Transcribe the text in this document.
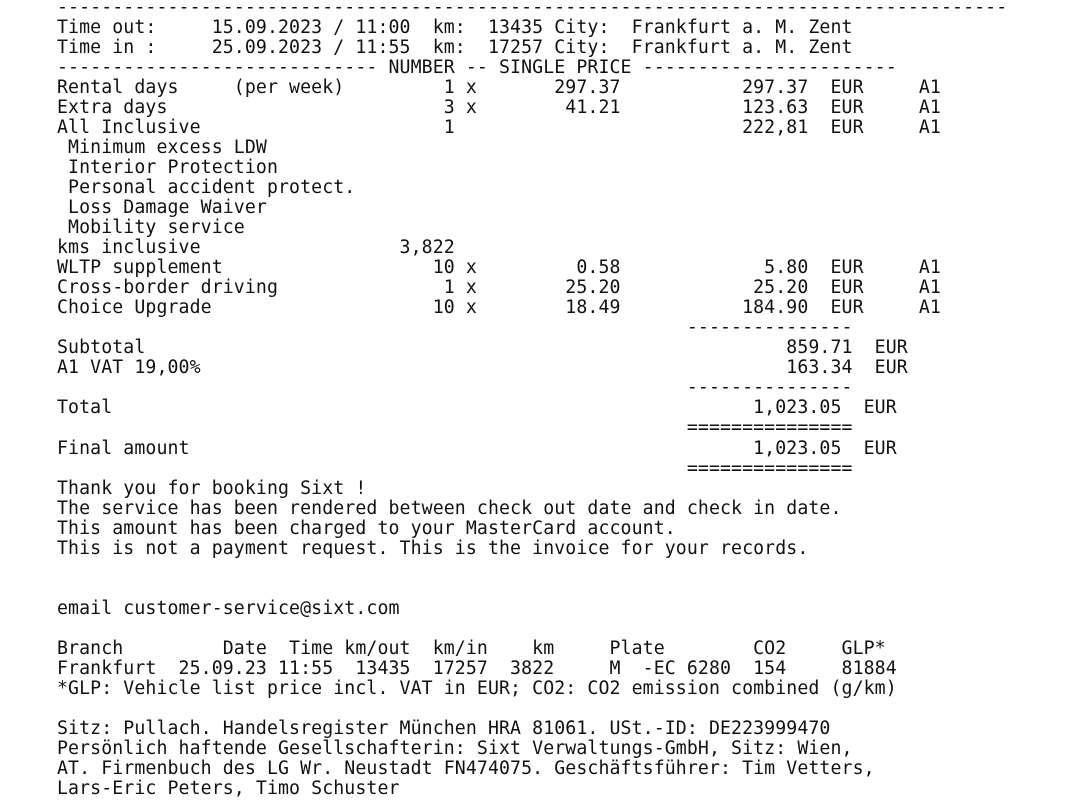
--------------------------------------------------------------------------------------
Time out:     15.09.2023 / 11:00  km:  13435 City:  Frankfurt a. M. Zent
Time in :     25.09.2023 / 11:55  km:  17257 City:  Frankfurt a. M. Zent
----------------------------- NUMBER -- SINGLE PRICE -----------------------
Rental days     (per week)         1 x       297.37           297.37  EUR     A1
Extra days                         3 x        41.21           123.63  EUR     A1
All Inclusive                      1                          222,81  EUR     A1
Minimum excess LDW
Interior Protection
Personal accident protect.
Loss Damage Waiver
Mobility service
kms inclusive                  3,822
WLTP supplement                   10 x         0.58             5.80  EUR     A1
Cross-border driving               1 x        25.20            25.20  EUR     A1
Choice Upgrade                    10 x        18.49           184.90  EUR     A1
---------------
Subtotal                                                          859.71  EUR
A1 VAT 19,00%                                                     163.34  EUR
---------------
Total                                                          1,023.05  EUR
===============
Final amount                                                   1,023.05  EUR
===============
Thank you for booking Sixt !
The service has been rendered between check out date and check in date.
This amount has been charged to your MasterCard account.
This is not a payment request. This is the invoice for your records.
email customer-service@sixt.com
Branch         Date  Time km/out  km/in    km     Plate        CO2     GLP*
Frankfurt  25.09.23 11:55  13435  17257  3822     M  -EC 6280  154     81884
*GLP: Vehicle list price incl. VAT in EUR; CO2: CO2 emission combined (g/km)
Sitz: Pullach. Handelsregister München HRA 81061. USt.-ID: DE223999470
Persönlich haftende Gesellschafterin: Sixt Verwaltungs-GmbH, Sitz: Wien,
AT. Firmenbuch des LG Wr. Neustadt FN474075. Geschäftsführer: Tim Vetters,
Lars-Eric Peters, Timo Schuster
